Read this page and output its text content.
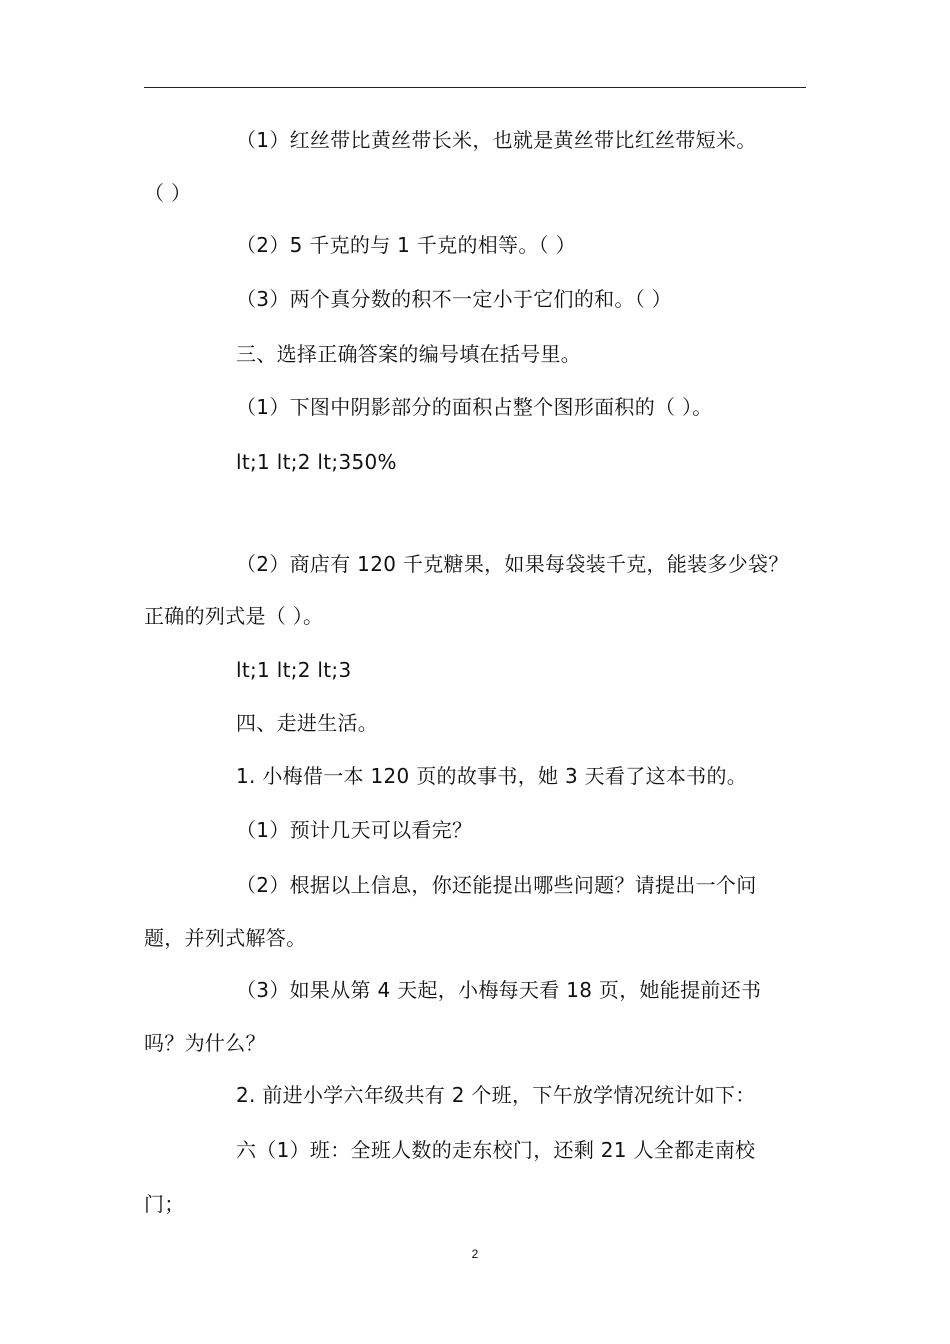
（1）红丝带比黄丝带长米，也就是黄丝带比红丝带短米。
（ ）
（2）5 千克的与 1 千克的相等。（ ）
（3）两个真分数的积不一定小于它们的和。（ ）
三、选择正确答案的编号填在括号里。
（1）下图中阴影部分的面积占整个图形面积的（ ）。
lt;1 lt;2 lt;350%
（2）商店有 120 千克糖果，如果每袋装千克，能装多少袋？
正确的列式是（ ）。
lt;1 lt;2 lt;3
四、走进生活。
1. 小梅借一本 120 页的故事书，她 3 天看了这本书的。
（1）预计几天可以看完？
（2）根据以上信息，你还能提出哪些问题？请提出一个问
题，并列式解答。
（3）如果从第 4 天起，小梅每天看 18 页，她能提前还书
吗？为什么？
2. 前进小学六年级共有 2 个班，下午放学情况统计如下：
六（1）班：全班人数的走东校门，还剩 21 人全都走南校
门；
2
